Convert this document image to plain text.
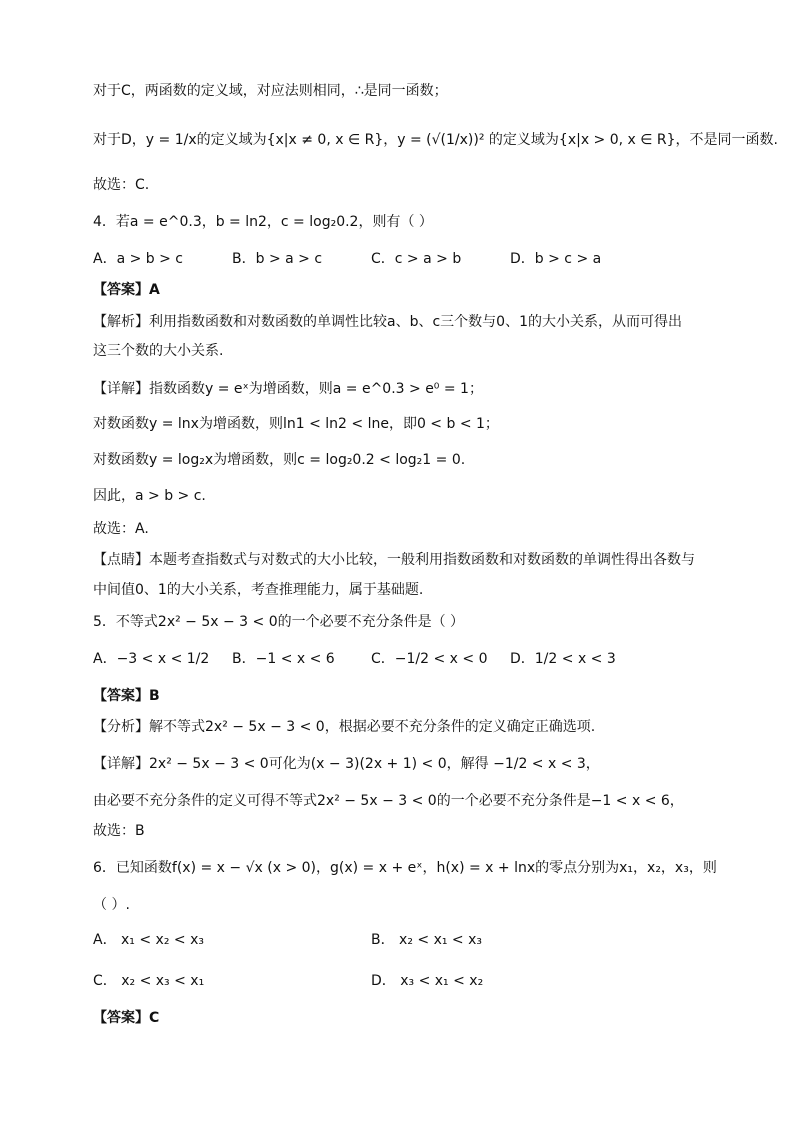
对于C，两函数的定义域，对应法则相同，∴是同一函数；
对于D，y = 1/x的定义域为{x|x ≠ 0, x ∈ R}，y = (√(1/x))² 的定义域为{x|x > 0, x ∈ R}，不是同一函数.
故选：C.
4．若a = e^0.3，b = ln2，c = log₂0.2，则有（ ）
A．a > b > c	B．b > a > c	C．c > a > b	D．b > c > a
【答案】A
【解析】利用指数函数和对数函数的单调性比较a、b、c三个数与0、1的大小关系，从而可得出
这三个数的大小关系.
【详解】指数函数y = eˣ为增函数，则a = e^0.3 > e⁰ = 1；
对数函数y = lnx为增函数，则ln1 < ln2 < lne，即0 < b < 1；
对数函数y = log₂x为增函数，则c = log₂0.2 < log₂1 = 0.
因此，a > b > c.
故选：A.
【点睛】本题考查指数式与对数式的大小比较，一般利用指数函数和对数函数的单调性得出各数与
中间值0、1的大小关系，考查推理能力，属于基础题.
5．不等式2x² − 5x − 3 < 0的一个必要不充分条件是（ ）
A．−3 < x < 1/2 B．−1 < x < 6	C．−1/2 < x < 0 D．1/2 < x < 3
【答案】B
【分析】解不等式2x² − 5x − 3 < 0，根据必要不充分条件的定义确定正确选项.
【详解】2x² − 5x − 3 < 0可化为(x − 3)(2x + 1) < 0，解得 −1/2 < x < 3，
由必要不充分条件的定义可得不等式2x² − 5x − 3 < 0的一个必要不充分条件是−1 < x < 6，
故选：B
6．已知函数f(x) = x − √x (x > 0)，g(x) = x + eˣ，h(x) = x + lnx的零点分别为x₁，x₂，x₃，则
（ ）.
A． x₁ < x₂ < x₃	B． x₂ < x₁ < x₃
C． x₂ < x₃ < x₁	D． x₃ < x₁ < x₂
【答案】C
